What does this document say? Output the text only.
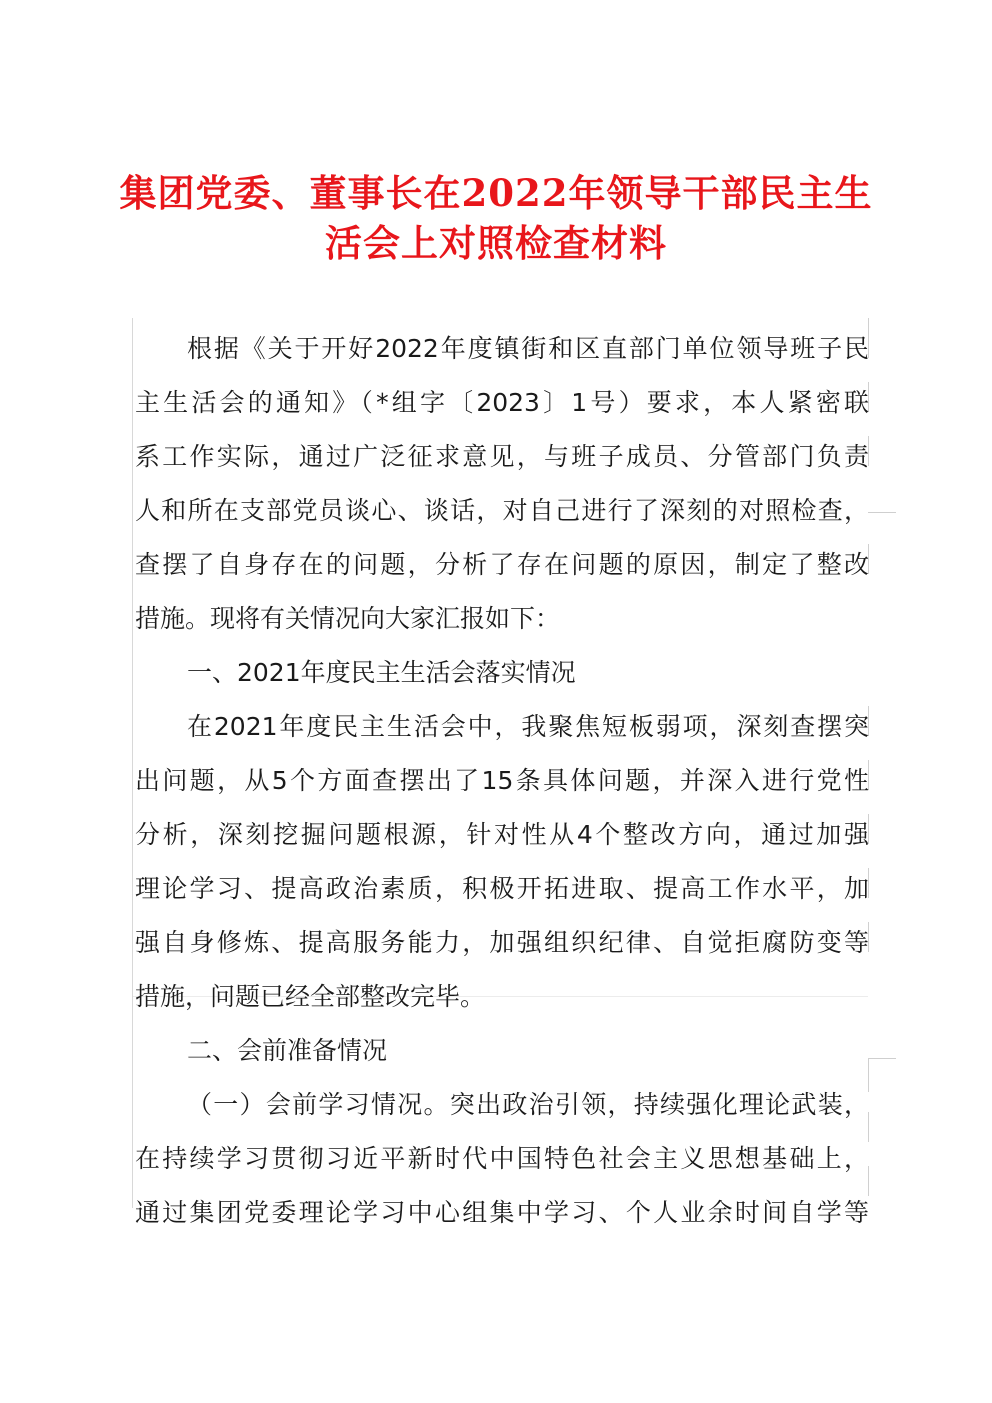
集团党委、董事长在2022年领导干部民主生
活会上对照检查材料
根据《关于开好2022年度镇街和区直部门单位领导班子民
主生活会的通知》（*组字〔2023〕1号）要求，本人紧密联
系工作实际，通过广泛征求意见，与班子成员、分管部门负责
人和所在支部党员谈心、谈话，对自己进行了深刻的对照检查，
查摆了自身存在的问题，分析了存在问题的原因，制定了整改
措施。现将有关情况向大家汇报如下：
一、2021年度民主生活会落实情况
在2021年度民主生活会中，我聚焦短板弱项，深刻查摆突
出问题，从5个方面查摆出了15条具体问题，并深入进行党性
分析，深刻挖掘问题根源，针对性从4个整改方向，通过加强
理论学习、提高政治素质，积极开拓进取、提高工作水平，加
强自身修炼、提高服务能力，加强组织纪律、自觉拒腐防变等
措施，问题已经全部整改完毕。
二、会前准备情况
（一）会前学习情况。突出政治引领，持续强化理论武装，
在持续学习贯彻习近平新时代中国特色社会主义思想基础上，
通过集团党委理论学习中心组集中学习、个人业余时间自学等
